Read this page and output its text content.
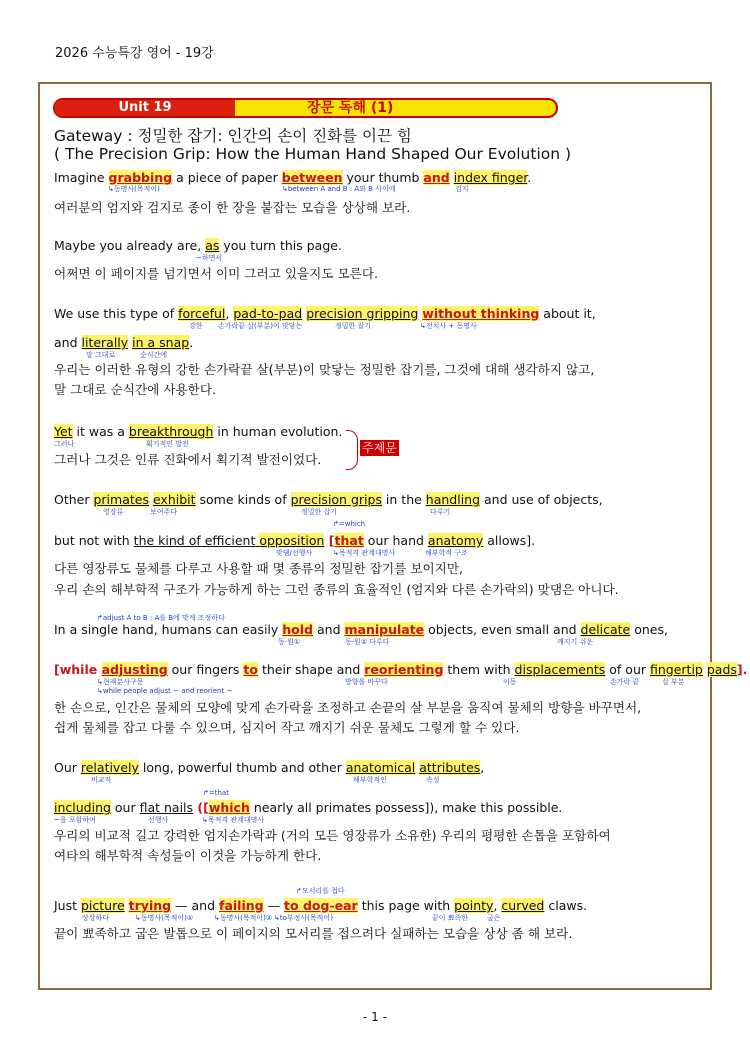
2026 수능특강 영어 - 19강
Unit 19	장문 독해 (1)
Gateway : 정밀한 잡기: 인간의 손이 진화를 이끈 힘
( The Precision Grip: How the Human Hand Shaped Our Evolution )
Imagine grabbing a piece of paper between your thumb and index finger.
↳동명사(목적어)	↳between A and B : A와 B 사이에	검지
여러분의 엄지와 검지로 종이 한 장을 붙잡는 모습을 상상해 보라.
Maybe you already are, as you turn this page.
~하면서
어쩌면 이 페이지를 넘기면서 이미 그러고 있을지도 모른다.
We use this type of forceful, pad-to-pad precision gripping without thinking about it,
강한 손가락끝 살(부분)이 맞닿는	정밀한 잡기	↳전치사 + 동명사
and literally in a snap.
말 그대로	순식간에
우리는 이러한 유형의 강한 손가락끝 살(부분)이 맞닿는 정밀한 잡기를, 그것에 대해 생각하지 않고,
말 그대로 순식간에 사용한다.
Yet it was a breakthrough in human evolution.
그러나	획기적인 발전
그러나 그것은 인류 진화에서 획기적 발전이었다.
주제문
Other primates exhibit some kinds of precision grips in the handling and use of objects,
영장류	보여주다	정밀한 잡기	다루기
↱=which
but not with the kind of efficient opposition [that our hand anatomy allows].
맞댐/선행사	↳목적격 관계대명사	해부학적 구조
다른 영장류도 물체를 다루고 사용할 때 몇 종류의 정밀한 잡기를 보이지만,
우리 손의 해부학적 구조가 가능하게 하는 그런 종류의 효율적인 (엄지와 다른 손가락의) 맞댐은 아니다.
In a single hand, humans can easily hold and manipulate objects, even small and delicate ones,
↱adjust A to B : A를 B에 맞게 조정하다
동·원①	동·원② 다루다	깨지기 쉬운
[while adjusting our fingers to their shape and reorienting them with displacements of our fingertip pads].
↳현재분사구문	방향을 바꾸다	이동	손가락 끝	살 부분
↳while people adjust ~ and reorient ~
한 손으로, 인간은 물체의 모양에 맞게 손가락을 조정하고 손끝의 살 부분을 움직여 물체의 방향을 바꾸면서,
쉽게 물체를 잡고 다룰 수 있으며, 심지어 작고 깨지기 쉬운 물체도 그렇게 할 수 있다.
Our relatively long, powerful thumb and other anatomical attributes,
비교적	해부학적인	속성
↱=that
including our flat nails ([which nearly all primates possess]), make this possible.
~을 포함하여	선행사	↳목적격 관계대명사
우리의 비교적 길고 강력한 엄지손가락과 (거의 모든 영장류가 소유한) 우리의 평평한 손톱을 포함하여
여타의 해부학적 속성들이 이것을 가능하게 한다.
Just picture trying — and failing — to dog-ear this page with pointy, curved claws.
↱모서리를 접다
상상하다	↳동명사(목적어)①	↳동명사(목적어)② ↳to부정사(목적어)	끝이 뾰족한	굽은
끝이 뾰족하고 굽은 발톱으로 이 페이지의 모서리를 접으려다 실패하는 모습을 상상 좀 해 보라.
- 1 -
